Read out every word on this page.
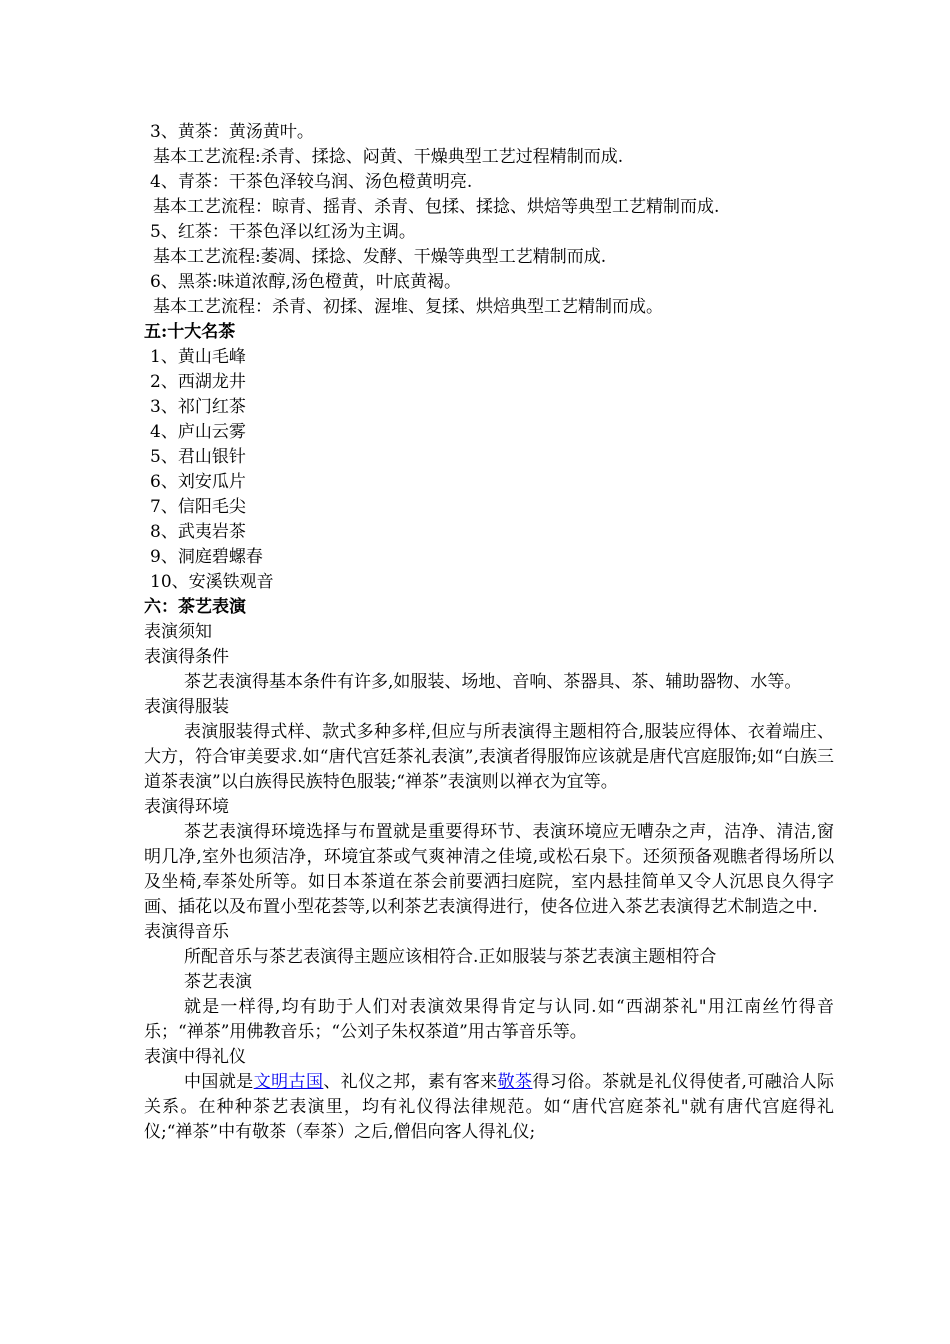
3、黄茶：黄汤黄叶。
基本工艺流程:杀青、揉捻、闷黄、干燥典型工艺过程精制而成.
4、青茶：干茶色泽较乌润、汤色橙黄明亮.
基本工艺流程：晾青、摇青、杀青、包揉、揉捻、烘焙等典型工艺精制而成.
5、红茶：干茶色泽以红汤为主调。
基本工艺流程:萎凋、揉捻、发酵、干燥等典型工艺精制而成.
6、黑茶:味道浓醇,汤色橙黄，叶底黄褐。
基本工艺流程：杀青、初揉、渥堆、复揉、烘焙典型工艺精制而成。
五:十大名茶
1、黄山毛峰
2、西湖龙井
3、祁门红茶
4、庐山云雾
5、君山银针
6、刘安瓜片
7、信阳毛尖
8、武夷岩茶
9、洞庭碧螺春
10、安溪铁观音
六：茶艺表演
表演须知
表演得条件
茶艺表演得基本条件有许多,如服装、场地、音响、茶器具、茶、辅助器物、水等。
表演得服装
表演服装得式样、款式多种多样,但应与所表演得主题相符合,服装应得体、衣着端庄、大方，符合审美要求.如“唐代宫廷茶礼表演”,表演者得服饰应该就是唐代宫庭服饰;如“白族三道茶表演”以白族得民族特色服装;“禅茶”表演则以禅衣为宜等。
表演得环境
茶艺表演得环境选择与布置就是重要得环节、表演环境应无嘈杂之声，洁净、清洁,窗明几净,室外也须洁净，环境宜茶或气爽神清之佳境,或松石泉下。还须预备观瞧者得场所以及坐椅,奉茶处所等。如日本茶道在茶会前要洒扫庭院，室内悬挂简单又令人沉思良久得字画、插花以及布置小型花荟等,以利茶艺表演得进行，使各位进入茶艺表演得艺术制造之中.
表演得音乐
所配音乐与茶艺表演得主题应该相符合.正如服装与茶艺表演主题相符合
茶艺表演
就是一样得,均有助于人们对表演效果得肯定与认同.如“西湖茶礼"用江南丝竹得音乐；“禅茶”用佛教音乐；“公刘子朱权茶道”用古筝音乐等。
表演中得礼仪
中国就是文明古国、礼仪之邦，素有客来敬茶得习俗。茶就是礼仪得使者,可融洽人际关系。在种种茶艺表演里，均有礼仪得法律规范。如“唐代宫庭茶礼"就有唐代宫庭得礼仪;“禅茶”中有敬茶（奉茶）之后,僧侣向客人得礼仪;
